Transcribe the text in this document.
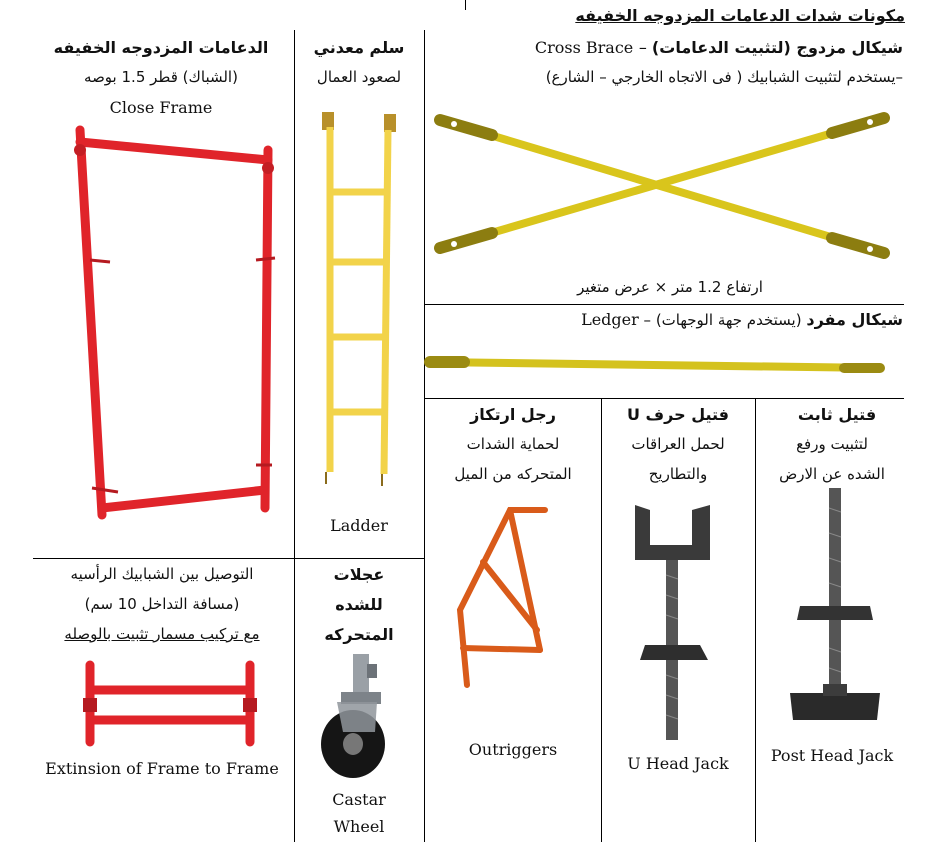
مكونات شدات الدعامات المزدوجه الخفيفه
الدعامات المزدوجه الخفيفه
(الشباك) قطر 1.5 بوصه
Close Frame
سلم معدني
لصعود العمال
Ladder
Cross Brace – شيكال مزدوج (لتثبيت الدعامات)
–يستخدم لتثبيت الشبابيك ( فى الاتجاه الخارجي – الشارع)
ارتفاع 1.2 متر × عرض متغير
Ledger – (يستخدم جهة الوجهات) شيكال مفرد
رجل ارتكاز
لحماية الشدات
المتحركه من الميل
Outriggers
فتيل حرف U
لحمل العراقات
والتطاريح
U Head Jack
فتيل ثابت
لتثبيت ورفع
الشده عن الارض
Post Head Jack
التوصيل بين الشبابيك الرأسيه
(مسافة التداخل 10 سم)
مع تركيب مسمار تثبيت بالوصله
Extinsion of Frame to Frame
عجلات
للشده
المتحركه
Castar
Wheel
